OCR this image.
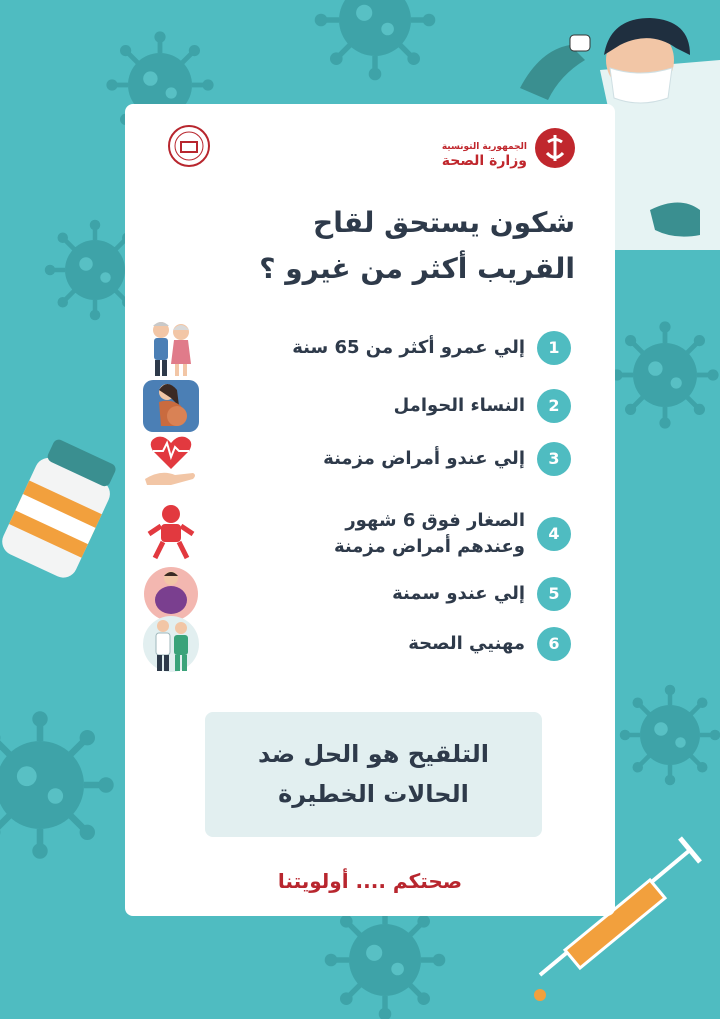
الجمهورية التونسية
وزارة الصحة
شكون يستحق لقاح
القريب أكثر من غيرو ؟
1
إلي عمرو أكثر من 65 سنة
2
النساء الحوامل
3
إلي عندو أمراض مزمنة
4
الصغار فوق 6 شهور
وعندهم أمراض مزمنة
5
إلي عندو سمنة
6
مهنيي الصحة
التلقيح هو الحل ضد
الحالات الخطيرة
صحتكم .... أولويتنا
